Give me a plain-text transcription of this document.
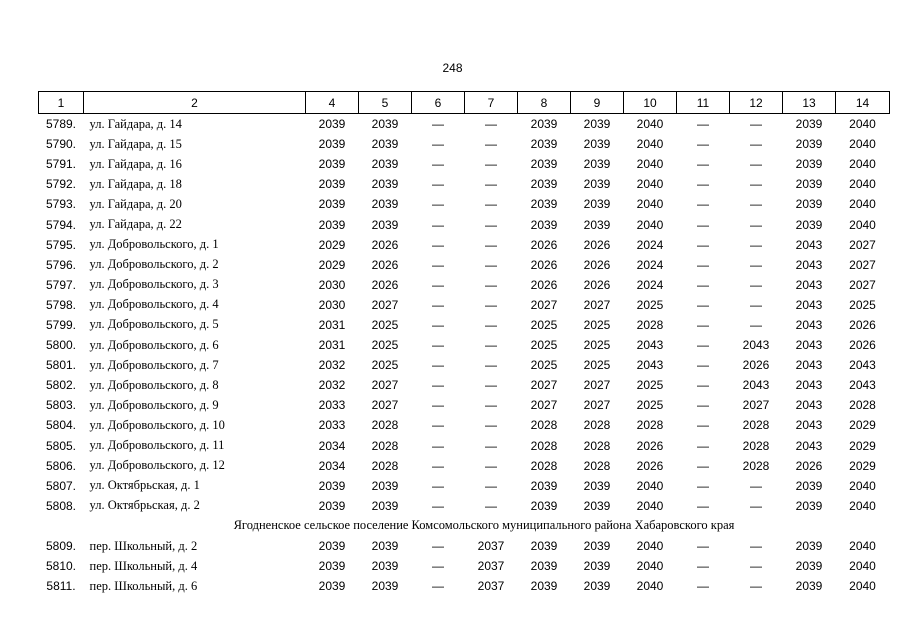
248
1	2	4	5	6	7	8	9	10	11	12	13	14
5789.	ул. Гайдара, д. 14	2039	2039	—	—	2039	2039	2040	—	—	2039	2040
5790.	ул. Гайдара, д. 15	2039	2039	—	—	2039	2039	2040	—	—	2039	2040
5791.	ул. Гайдара, д. 16	2039	2039	—	—	2039	2039	2040	—	—	2039	2040
5792.	ул. Гайдара, д. 18	2039	2039	—	—	2039	2039	2040	—	—	2039	2040
5793.	ул. Гайдара, д. 20	2039	2039	—	—	2039	2039	2040	—	—	2039	2040
5794.	ул. Гайдара, д. 22	2039	2039	—	—	2039	2039	2040	—	—	2039	2040
5795.	ул. Добровольского, д. 1	2029	2026	—	—	2026	2026	2024	—	—	2043	2027
5796.	ул. Добровольского, д. 2	2029	2026	—	—	2026	2026	2024	—	—	2043	2027
5797.	ул. Добровольского, д. 3	2030	2026	—	—	2026	2026	2024	—	—	2043	2027
5798.	ул. Добровольского, д. 4	2030	2027	—	—	2027	2027	2025	—	—	2043	2025
5799.	ул. Добровольского, д. 5	2031	2025	—	—	2025	2025	2028	—	—	2043	2026
5800.	ул. Добровольского, д. 6	2031	2025	—	—	2025	2025	2043	—	2043	2043	2026
5801.	ул. Добровольского, д. 7	2032	2025	—	—	2025	2025	2043	—	2026	2043	2043
5802.	ул. Добровольского, д. 8	2032	2027	—	—	2027	2027	2025	—	2043	2043	2043
5803.	ул. Добровольского, д. 9	2033	2027	—	—	2027	2027	2025	—	2027	2043	2028
5804.	ул. Добровольского, д. 10	2033	2028	—	—	2028	2028	2028	—	2028	2043	2029
5805.	ул. Добровольского, д. 11	2034	2028	—	—	2028	2028	2026	—	2028	2043	2029
5806.	ул. Добровольского, д. 12	2034	2028	—	—	2028	2028	2026	—	2028	2026	2029
5807.	ул. Октябрьская, д. 1	2039	2039	—	—	2039	2039	2040	—	—	2039	2040
5808.	ул. Октябрьская, д. 2	2039	2039	—	—	2039	2039	2040	—	—	2039	2040
Ягодненское сельское поселение Комсомольского муниципального района Хабаровского края												
5809.	пер. Школьный, д. 2	2039	2039	—	2037	2039	2039	2040	—	—	2039	2040
5810.	пер. Школьный, д. 4	2039	2039	—	2037	2039	2039	2040	—	—	2039	2040
5811.	пер. Школьный, д. 6	2039	2039	—	2037	2039	2039	2040	—	—	2039	2040
